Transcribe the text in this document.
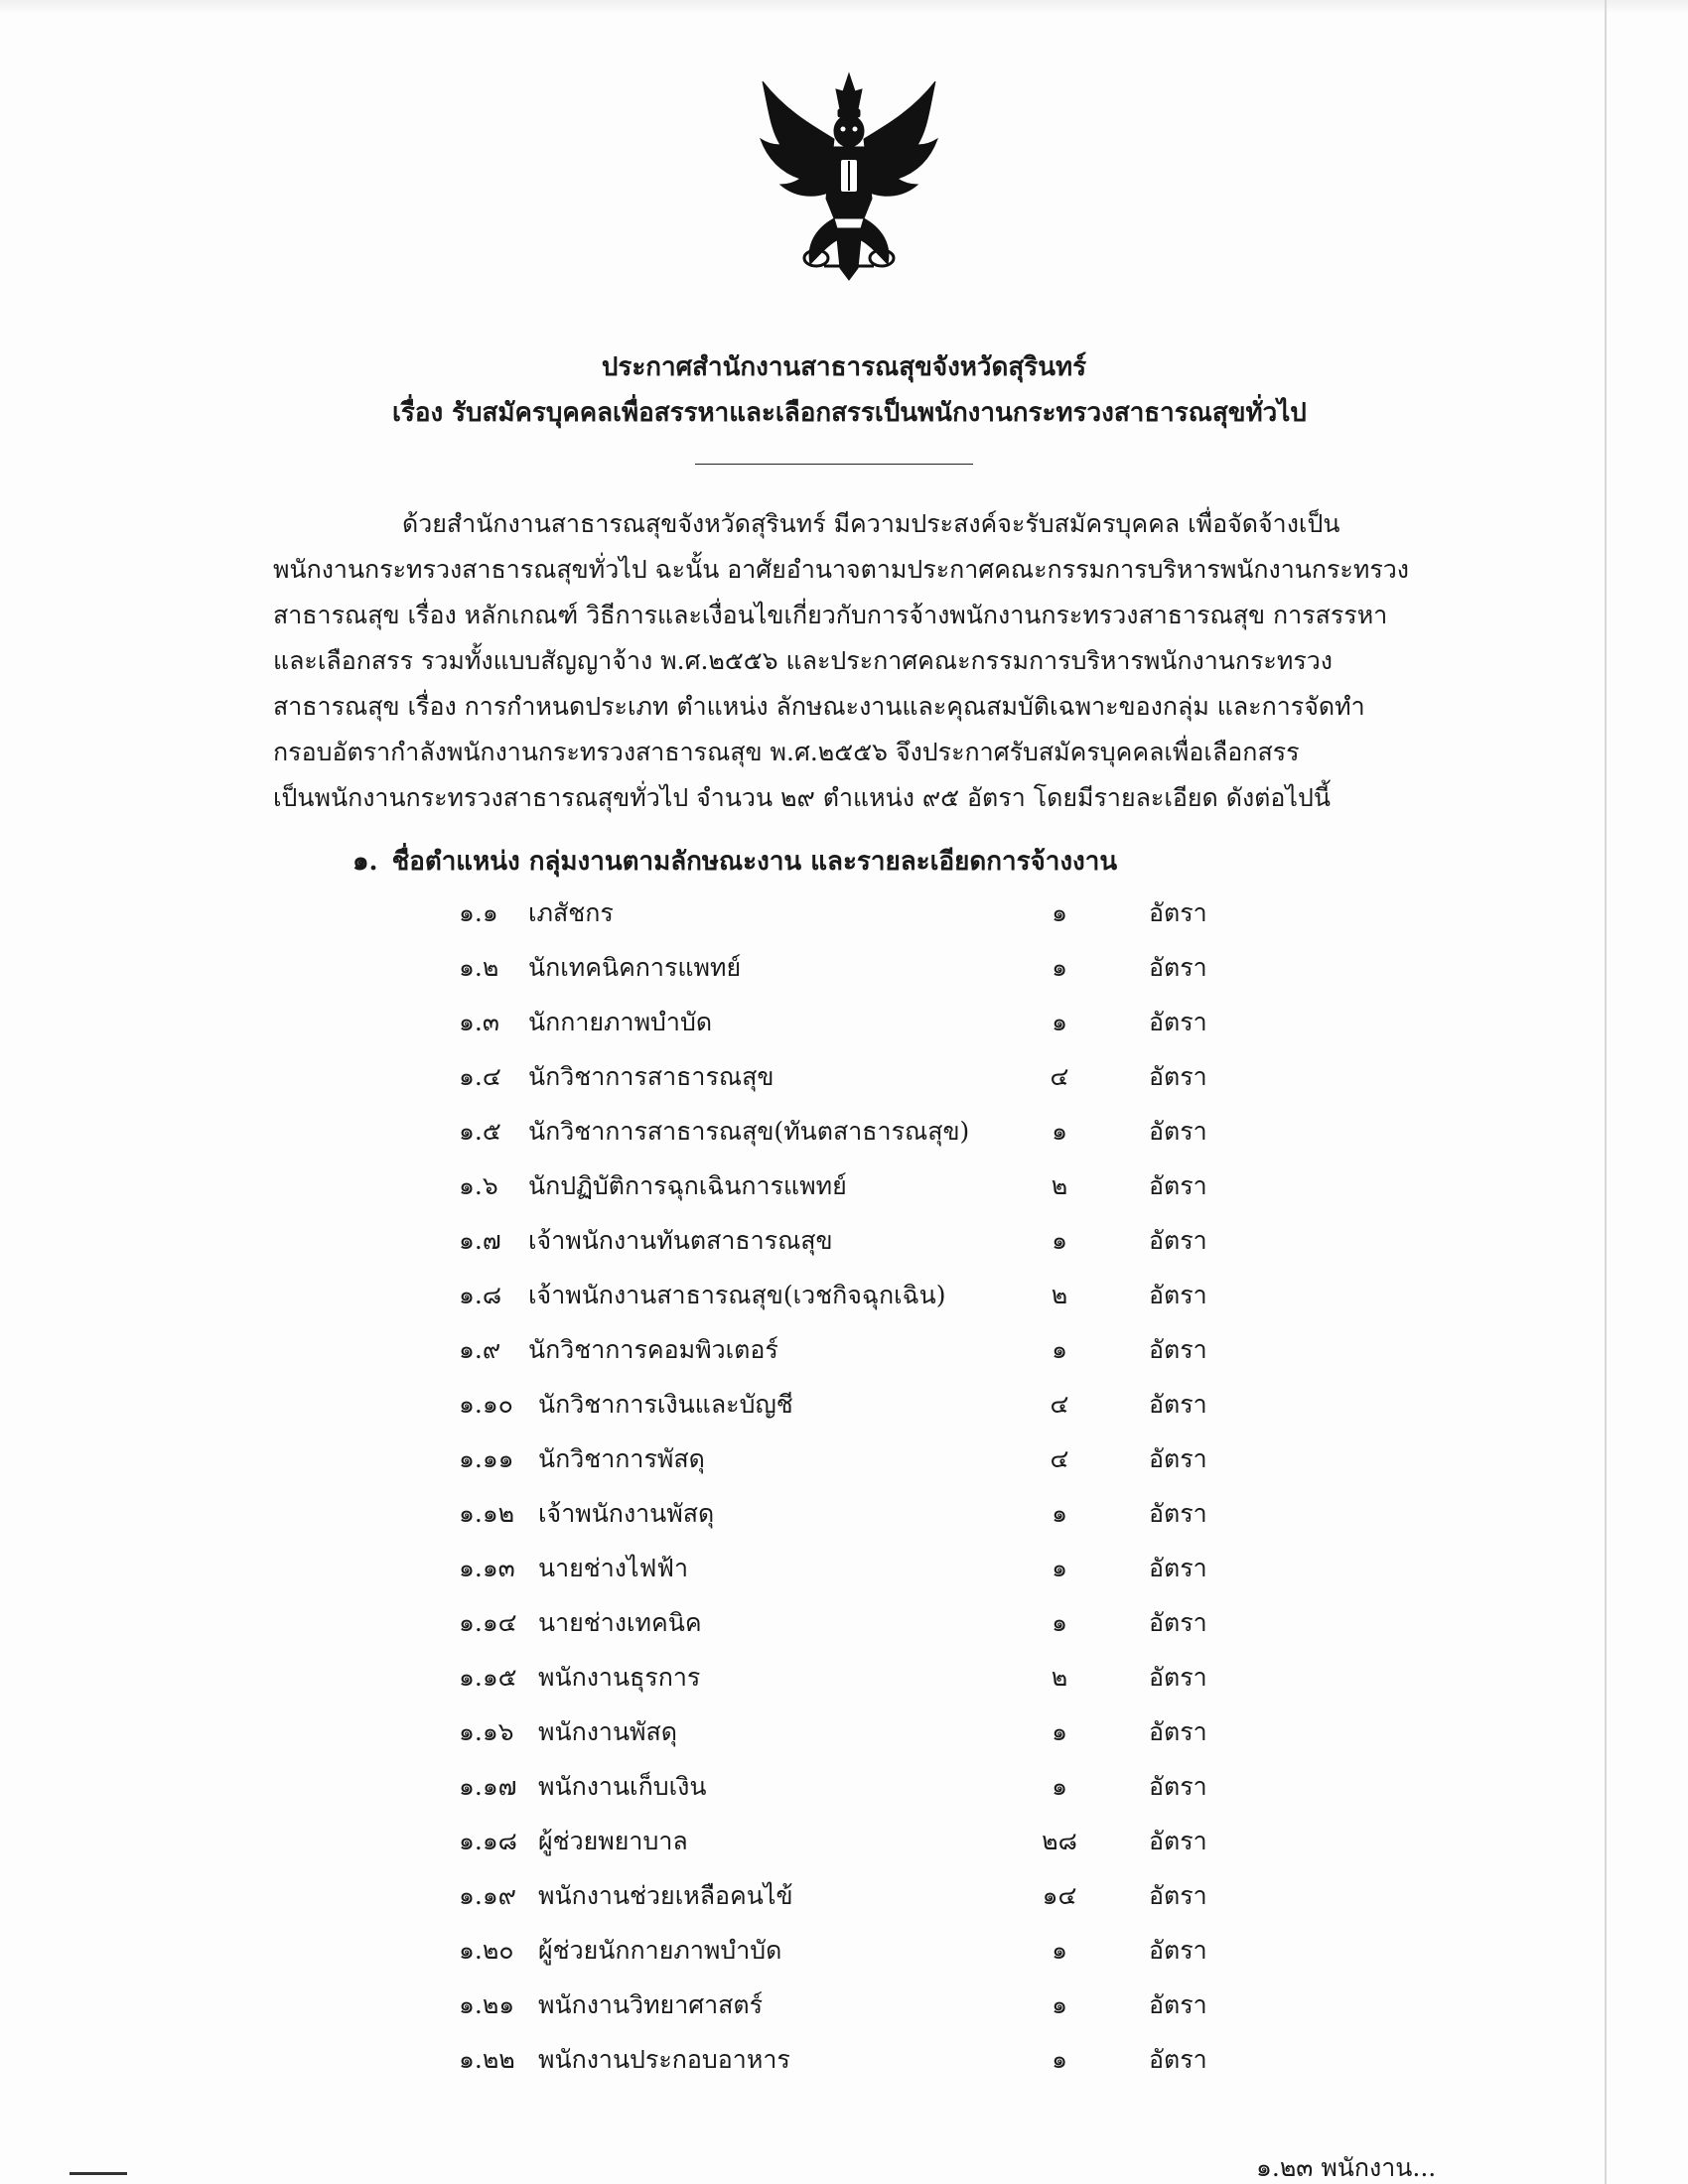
ประกาศสำนักงานสาธารณสุขจังหวัดสุรินทร์
เรื่อง รับสมัครบุคคลเพื่อสรรหาและเลือกสรรเป็นพนักงานกระทรวงสาธารณสุขทั่วไป
ด้วยสำนักงานสาธารณสุขจังหวัดสุรินทร์ มีความประสงค์จะรับสมัครบุคคล เพื่อจัดจ้างเป็น
พนักงานกระทรวงสาธารณสุขทั่วไป ฉะนั้น อาศัยอำนาจตามประกาศคณะกรรมการบริหารพนักงานกระทรวง
สาธารณสุข เรื่อง หลักเกณฑ์ วิธีการและเงื่อนไขเกี่ยวกับการจ้างพนักงานกระทรวงสาธารณสุข การสรรหา
และเลือกสรร รวมทั้งแบบสัญญาจ้าง พ.ศ.๒๕๕๖ และประกาศคณะกรรมการบริหารพนักงานกระทรวง
สาธารณสุข เรื่อง การกำหนดประเภท ตำแหน่ง ลักษณะงานและคุณสมบัติเฉพาะของกลุ่ม และการจัดทำ
กรอบอัตรากำลังพนักงานกระทรวงสาธารณสุข พ.ศ.๒๕๕๖ จึงประกาศรับสมัครบุคคลเพื่อเลือกสรร
เป็นพนักงานกระทรวงสาธารณสุขทั่วไป จำนวน ๒๙ ตำแหน่ง ๙๕ อัตรา โดยมีรายละเอียด ดังต่อไปนี้
๑. ชื่อตำแหน่ง กลุ่มงานตามลักษณะงาน และรายละเอียดการจ้างงาน
๑.๑ เภสัชกร	๑	อัตรา
๑.๒ นักเทคนิคการแพทย์	๑	อัตรา
๑.๓ นักกายภาพบำบัด	๑	อัตรา
๑.๔ นักวิชาการสาธารณสุข	๔	อัตรา
๑.๕ นักวิชาการสาธารณสุข(ทันตสาธารณสุข)	๑	อัตรา
๑.๖ นักปฏิบัติการฉุกเฉินการแพทย์	๒	อัตรา
๑.๗ เจ้าพนักงานทันตสาธารณสุข	๑	อัตรา
๑.๘ เจ้าพนักงานสาธารณสุข(เวชกิจฉุกเฉิน)	๒	อัตรา
๑.๙ นักวิชาการคอมพิวเตอร์	๑	อัตรา
๑.๑๐ นักวิชาการเงินและบัญชี	๔	อัตรา
๑.๑๑ นักวิชาการพัสดุ	๔	อัตรา
๑.๑๒ เจ้าพนักงานพัสดุ	๑	อัตรา
๑.๑๓ นายช่างไฟฟ้า	๑	อัตรา
๑.๑๔ นายช่างเทคนิค	๑	อัตรา
๑.๑๕ พนักงานธุรการ	๒	อัตรา
๑.๑๖ พนักงานพัสดุ	๑	อัตรา
๑.๑๗ พนักงานเก็บเงิน	๑	อัตรา
๑.๑๘ ผู้ช่วยพยาบาล	๒๘	อัตรา
๑.๑๙ พนักงานช่วยเหลือคนไข้	๑๔	อัตรา
๑.๒๐ ผู้ช่วยนักกายภาพบำบัด	๑	อัตรา
๑.๒๑ พนักงานวิทยาศาสตร์	๑	อัตรา
๑.๒๒ พนักงานประกอบอาหาร	๑	อัตรา
๑.๒๓ พนักงาน...
